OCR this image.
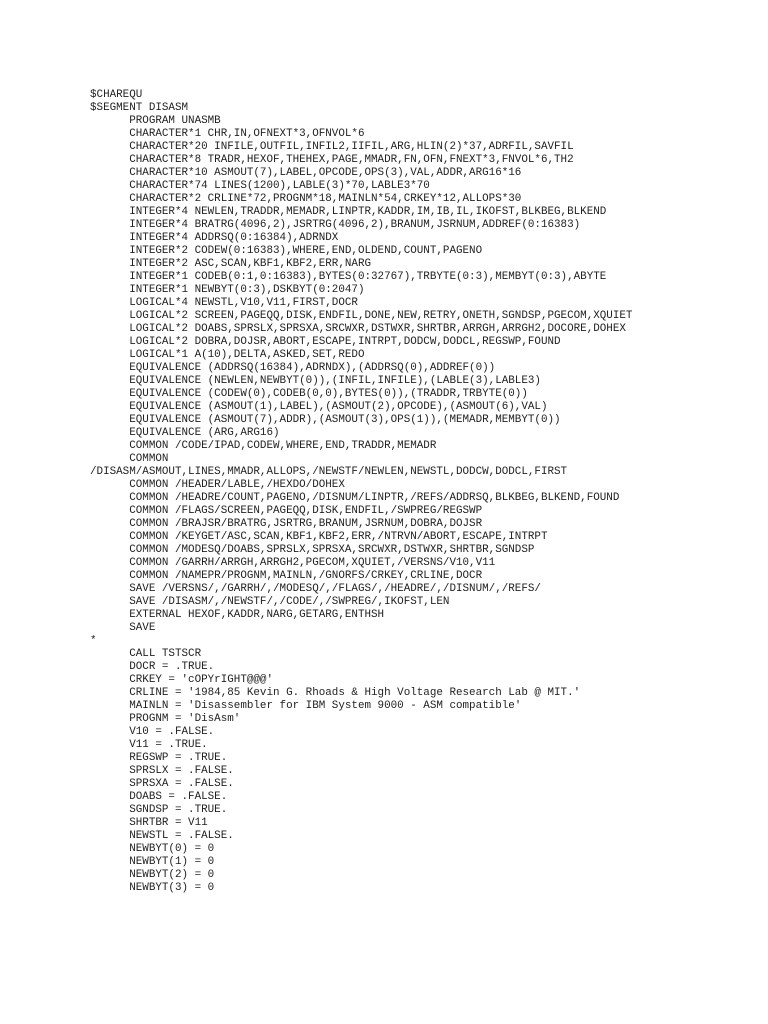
$CHAREQU
$SEGMENT DISASM
PROGRAM UNASMB
CHARACTER*1 CHR,IN,OFNEXT*3,OFNVOL*6
CHARACTER*20 INFILE,OUTFIL,INFIL2,IIFIL,ARG,HLIN(2)*37,ADRFIL,SAVFIL
CHARACTER*8 TRADR,HEXOF,THEHEX,PAGE,MMADR,FN,OFN,FNEXT*3,FNVOL*6,TH2
CHARACTER*10 ASMOUT(7),LABEL,OPCODE,OPS(3),VAL,ADDR,ARG16*16
CHARACTER*74 LINES(1200),LABLE(3)*70,LABLE3*70
CHARACTER*2 CRLINE*72,PROGNM*18,MAINLN*54,CRKEY*12,ALLOPS*30
INTEGER*4 NEWLEN,TRADDR,MEMADR,LINPTR,KADDR,IM,IB,IL,IKOFST,BLKBEG,BLKEND
INTEGER*4 BRATRG(4096,2),JSRTRG(4096,2),BRANUM,JSRNUM,ADDREF(0:16383)
INTEGER*4 ADDRSQ(0:16384),ADRNDX
INTEGER*2 CODEW(0:16383),WHERE,END,OLDEND,COUNT,PAGENO
INTEGER*2 ASC,SCAN,KBF1,KBF2,ERR,NARG
INTEGER*1 CODEB(0:1,0:16383),BYTES(0:32767),TRBYTE(0:3),MEMBYT(0:3),ABYTE
INTEGER*1 NEWBYT(0:3),DSKBYT(0:2047)
LOGICAL*4 NEWSTL,V10,V11,FIRST,DOCR
LOGICAL*2 SCREEN,PAGEQQ,DISK,ENDFIL,DONE,NEW,RETRY,ONETH,SGNDSP,PGECOM,XQUIET
LOGICAL*2 DOABS,SPRSLX,SPRSXA,SRCWXR,DSTWXR,SHRTBR,ARRGH,ARRGH2,DOCORE,DOHEX
LOGICAL*2 DOBRA,DOJSR,ABORT,ESCAPE,INTRPT,DODCW,DODCL,REGSWP,FOUND
LOGICAL*1 A(10),DELTA,ASKED,SET,REDO
EQUIVALENCE (ADDRSQ(16384),ADRNDX),(ADDRSQ(0),ADDREF(0))
EQUIVALENCE (NEWLEN,NEWBYT(0)),(INFIL,INFILE),(LABLE(3),LABLE3)
EQUIVALENCE (CODEW(0),CODEB(0,0),BYTES(0)),(TRADDR,TRBYTE(0))
EQUIVALENCE (ASMOUT(1),LABEL),(ASMOUT(2),OPCODE),(ASMOUT(6),VAL)
EQUIVALENCE (ASMOUT(7),ADDR),(ASMOUT(3),OPS(1)),(MEMADR,MEMBYT(0))
EQUIVALENCE (ARG,ARG16)
COMMON /CODE/IPAD,CODEW,WHERE,END,TRADDR,MEMADR
COMMON
/DISASM/ASMOUT,LINES,MMADR,ALLOPS,/NEWSTF/NEWLEN,NEWSTL,DODCW,DODCL,FIRST
COMMON /HEADER/LABLE,/HEXDO/DOHEX
COMMON /HEADRE/COUNT,PAGENO,/DISNUM/LINPTR,/REFS/ADDRSQ,BLKBEG,BLKEND,FOUND
COMMON /FLAGS/SCREEN,PAGEQQ,DISK,ENDFIL,/SWPREG/REGSWP
COMMON /BRAJSR/BRATRG,JSRTRG,BRANUM,JSRNUM,DOBRA,DOJSR
COMMON /KEYGET/ASC,SCAN,KBF1,KBF2,ERR,/NTRVN/ABORT,ESCAPE,INTRPT
COMMON /MODESQ/DOABS,SPRSLX,SPRSXA,SRCWXR,DSTWXR,SHRTBR,SGNDSP
COMMON /GARRH/ARRGH,ARRGH2,PGECOM,XQUIET,/VERSNS/V10,V11
COMMON /NAMEPR/PROGNM,MAINLN,/GNORFS/CRKEY,CRLINE,DOCR
SAVE /VERSNS/,/GARRH/,/MODESQ/,/FLAGS/,/HEADRE/,/DISNUM/,/REFS/
SAVE /DISASM/,/NEWSTF/,/CODE/,/SWPREG/,IKOFST,LEN
EXTERNAL HEXOF,KADDR,NARG,GETARG,ENTHSH
SAVE
*
CALL TSTSCR
DOCR = .TRUE.
CRKEY = 'cOPYrIGHT@@@'
CRLINE = '1984,85 Kevin G. Rhoads & High Voltage Research Lab @ MIT.'
MAINLN = 'Disassembler for IBM System 9000 - ASM compatible'
PROGNM = 'DisAsm'
V10 = .FALSE.
V11 = .TRUE.
REGSWP = .TRUE.
SPRSLX = .FALSE.
SPRSXA = .FALSE.
DOABS = .FALSE.
SGNDSP = .TRUE.
SHRTBR = V11
NEWSTL = .FALSE.
NEWBYT(0) = 0
NEWBYT(1) = 0
NEWBYT(2) = 0
NEWBYT(3) = 0
